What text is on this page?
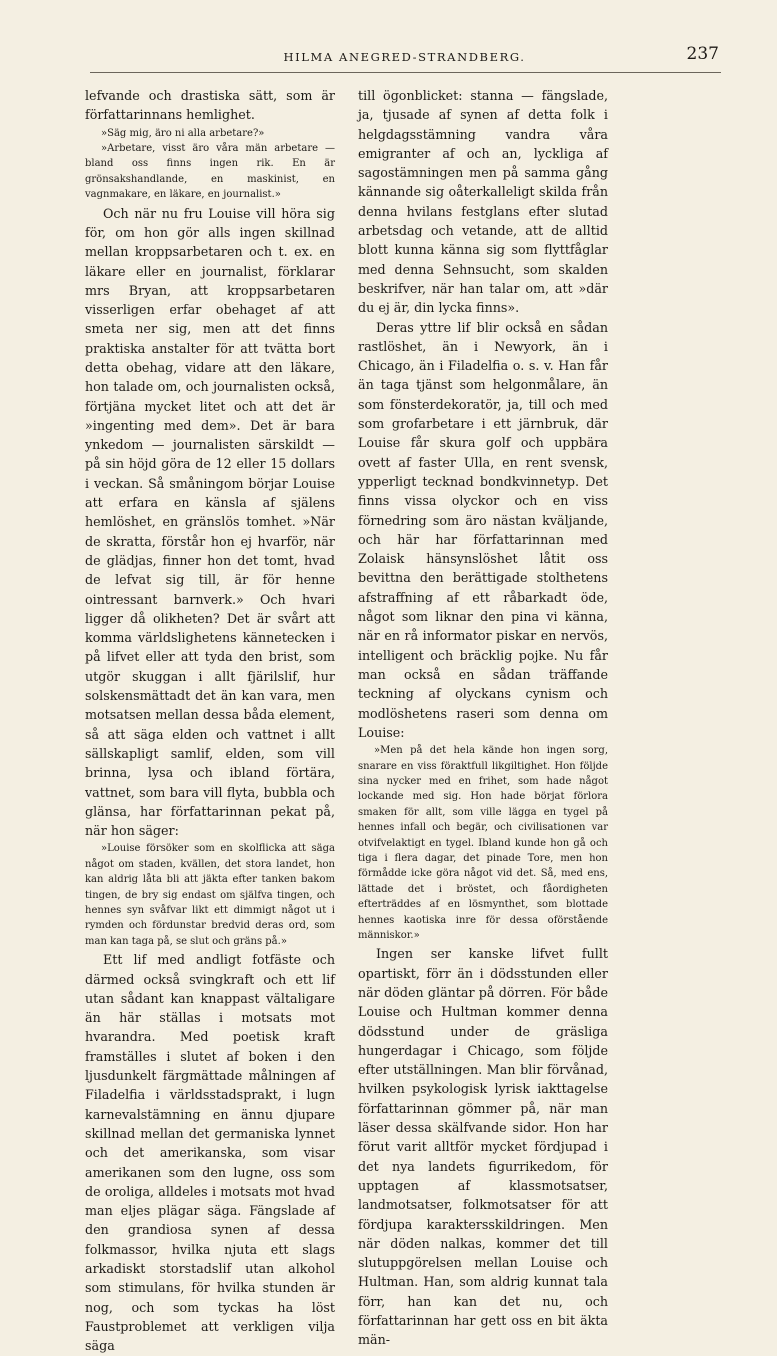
HILMA ANEGRED-STRANDBERG.	237

lefvande och drastiska sätt, som är författarinnans hemlighet.

»Säg mig, äro ni alla arbetare?»

»Arbetare, visst äro våra män arbetare — bland oss finns ingen rik. En är grönsakshandlande, en maskinist, en vagnmakare, en läkare, en journalist.»

Och när nu fru Louise vill höra sig för, om hon gör alls ingen skillnad mellan kroppsarbetaren och t. ex. en läkare eller en journalist, förklarar mrs Bryan, att kroppsarbetaren visserligen erfar obehaget af att smeta ner sig, men att det finns praktiska anstalter för att tvätta bort detta obehag, vidare att den läkare, hon talade om, och journalisten också, förtjäna mycket litet och att det är »ingenting med dem». Det är bara ynkedom — journalisten särskildt — på sin höjd göra de 12 eller 15 dollars i veckan. Så småningom börjar Louise att erfara en känsla af själens hemlöshet, en gränslös tomhet. »När de skratta, förstår hon ej hvarför, när de glädjas, finner hon det tomt, hvad de lefvat sig till, är för henne ointressant barnverk.» Och hvari ligger då olikheten? Det är svårt att komma världslighetens kännetecken i på lifvet eller att tyda den brist, som utgör skuggan i allt fjärilslif, hur solskensmättadt det än kan vara, men motsatsen mellan dessa båda element, så att säga elden och vattnet i allt sällskapligt samlif, elden, som vill brinna, lysa och ibland förtära, vattnet, som bara vill flyta, bubbla och glänsa, har författarinnan pekat på, när hon säger:

»Louise försöker som en skolflicka att säga något om staden, kvällen, det stora landet, hon kan aldrig låta bli att jäkta efter tanken bakom tingen, de bry sig endast om själfva tingen, och hennes syn svåfvar likt ett dimmigt något ut i rymden och fördunstar bredvid deras ord, som man kan taga på, se slut och gräns på.»

Ett lif med andligt fotfäste och därmed också svingkraft och ett lif utan sådant kan knappast vältaligare än här ställas i motsats mot hvarandra. Med poetisk kraft framställes i slutet af boken i den ljusdunkelt färgmättade målningen af Filadelfia i världsstadsprakt, i lugn karnevalstämning en ännu djupare skillnad mellan det germaniska lynnet och det amerikanska, som visar amerikanen som den lugne, oss som de oroliga, alldeles i motsats mot hvad man eljes plägar säga. Fängslade af den grandiosa synen af dessa folkmassor, hvilka njuta ett slags arkadiskt storstadslif utan alkohol som stimulans, för hvilka stunden är nog, och som tyckas ha löst Faustproblemet att verkligen vilja säga

till ögonblicket: stanna — fängslade, ja, tjusade af synen af detta folk i helgdagsstämning vandra våra emigranter af och an, lyckliga af sagostämningen men på samma gång kännande sig oåterkalleligt skilda från denna hvilans festglans efter slutad arbetsdag och vetande, att de alltid blott kunna känna sig som flyttfåglar med denna Sehnsucht, som skalden beskrifver, när han talar om, att »där du ej är, din lycka finns».

Deras yttre lif blir också en sådan rastlöshet, än i Newyork, än i Chicago, än i Filadelfia o. s. v. Han får än taga tjänst som helgonmålare, än som fönsterdekoratör, ja, till och med som grofarbetare i ett järnbruk, där Louise får skura golf och uppbära ovett af faster Ulla, en rent svensk, ypperligt tecknad bondkvinnetyp. Det finns vissa olyckor och en viss förnedring som äro nästan kväljande, och här har författarinnan med Zolaisk hänsynslöshet låtit oss bevittna den berättigade stolthetens afstraffning af ett råbarkadt öde, något som liknar den pina vi känna, när en rå informator piskar en nervös, intelligent och bräcklig pojke. Nu får man också en sådan träffande teckning af olyckans cynism och modlöshetens raseri som denna om Louise:

»Men på det hela kände hon ingen sorg, snarare en viss föraktfull likgiltighet. Hon följde sina nycker med en frihet, som hade något lockande med sig. Hon hade börjat förlora smaken för allt, som ville lägga en tygel på hennes infall och begär, och civilisationen var otvifvelaktigt en tygel. Ibland kunde hon gå och tiga i flera dagar, det pinade Tore, men hon förmådde icke göra något vid det. Så, med ens, lättade det i bröstet, och fåordigheten efterträddes af en lösmynthet, som blottade hennes kaotiska inre för dessa oförstående människor.»

Ingen ser kanske lifvet fullt opartiskt, förr än i dödsstunden eller när döden gläntar på dörren. För både Louise och Hultman kommer denna dödsstund under de gräsliga hungerdagar i Chicago, som följde efter utställningen. Man blir förvånad, hvilken psykologisk lyrisk iakttagelse författarinnan gömmer på, när man läser dessa skälfvande sidor. Hon har förut varit alltför mycket fördjupad i det nya landets figurrikedom, för upptagen af klassmotsatser, landmotsatser, folkmotsatser för att fördjupa karaktersskildringen. Men när döden nalkas, kommer det till slutuppgörelsen mellan Louise och Hultman. Han, som aldrig kunnat tala förr, han kan det nu, och författarinnan har gett oss en bit äkta män-
